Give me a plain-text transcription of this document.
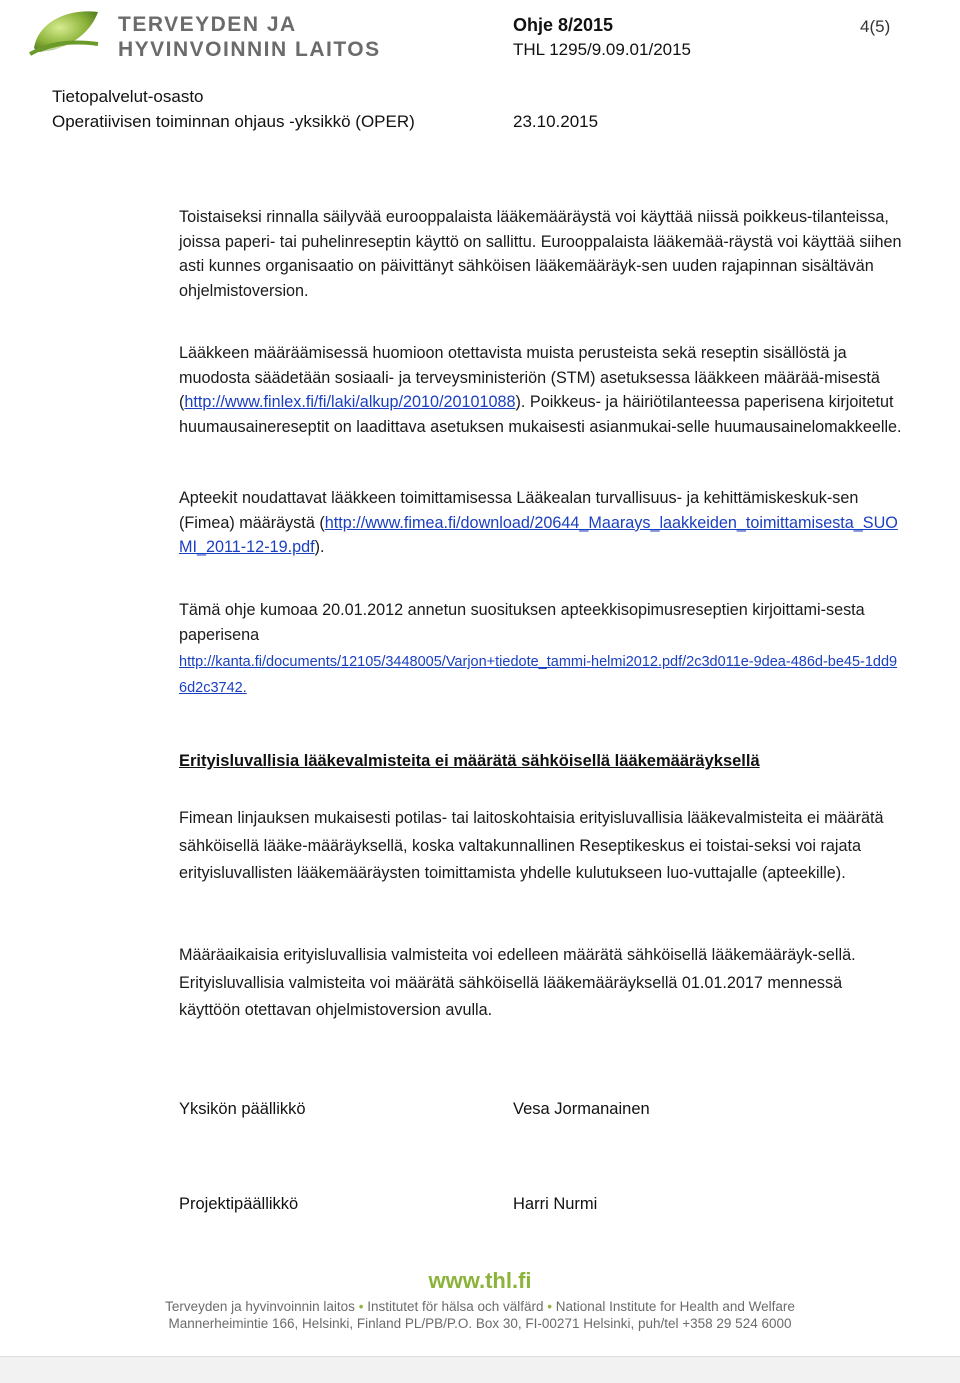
TERVEYDEN JA
HYVINVOINNIN LAITOS
Ohje 8/2015
THL 1295/9.09.01/2015
4(5)
Tietopalvelut-osasto
Operatiivisen toiminnan ohjaus -yksikkö (OPER)	23.10.2015
Toistaiseksi rinnalla säilyvää eurooppalaista lääkemääräystä voi käyttää niissä poikkeus-tilanteissa, joissa paperi- tai puhelinreseptin käyttö on sallittu. Eurooppalaista lääkemää-räystä voi käyttää siihen asti kunnes organisaatio on päivittänyt sähköisen lääkemääräyk-sen uuden rajapinnan sisältävän ohjelmistoversion.
Lääkkeen määräämisessä huomioon otettavista muista perusteista sekä reseptin sisällöstä ja muodosta säädetään sosiaali- ja terveysministeriön (STM) asetuksessa lääkkeen määrää-misestä (http://www.finlex.fi/fi/laki/alkup/2010/20101088). Poikkeus- ja häiriötilanteessa paperisena kirjoitetut huumausainereseptit on laadittava asetuksen mukaisesti asianmukai-selle huumausainelomakkeelle.
Apteekit noudattavat lääkkeen toimittamisessa Lääkealan turvallisuus- ja kehittämiskeskuk-sen (Fimea) määräystä (http://www.fimea.fi/download/20644_Maarays_laakkeiden_toimittamisesta_SUOMI_2011-12-19.pdf).
Tämä ohje kumoaa 20.01.2012 annetun suosituksen apteekkisopimusreseptien kirjoittami-sesta paperisena
http://kanta.fi/documents/12105/3448005/Varjon+tiedote_tammi-helmi2012.pdf/2c3d011e-9dea-486d-be45-1dd96d2c3742.
Erityisluvallisia lääkevalmisteita ei määrätä sähköisellä lääkemääräyksellä
Fimean linjauksen mukaisesti potilas- tai laitoskohtaisia erityisluvallisia lääkevalmisteita ei määrätä sähköisellä lääke-määräyksellä, koska valtakunnallinen Reseptikeskus ei toistai-seksi voi rajata erityisluvallisten lääkemääräysten toimittamista yhdelle kulutukseen luo-vuttajalle (apteekille).
Määräaikaisia erityisluvallisia valmisteita voi edelleen määrätä sähköisellä lääkemääräyk-sellä. Erityisluvallisia valmisteita voi määrätä sähköisellä lääkemääräyksellä 01.01.2017 mennessä käyttöön otettavan ohjelmistoversion avulla.
Yksikön päällikkö	Vesa Jormanainen
Projektipäällikkö	Harri Nurmi
www.thl.fi
Terveyden ja hyvinvoinnin laitos • Institutet för hälsa och välfärd • National Institute for Health and Welfare
Mannerheimintie 166, Helsinki, Finland PL/PB/P.O. Box 30, FI-00271 Helsinki, puh/tel +358 29 524 6000
